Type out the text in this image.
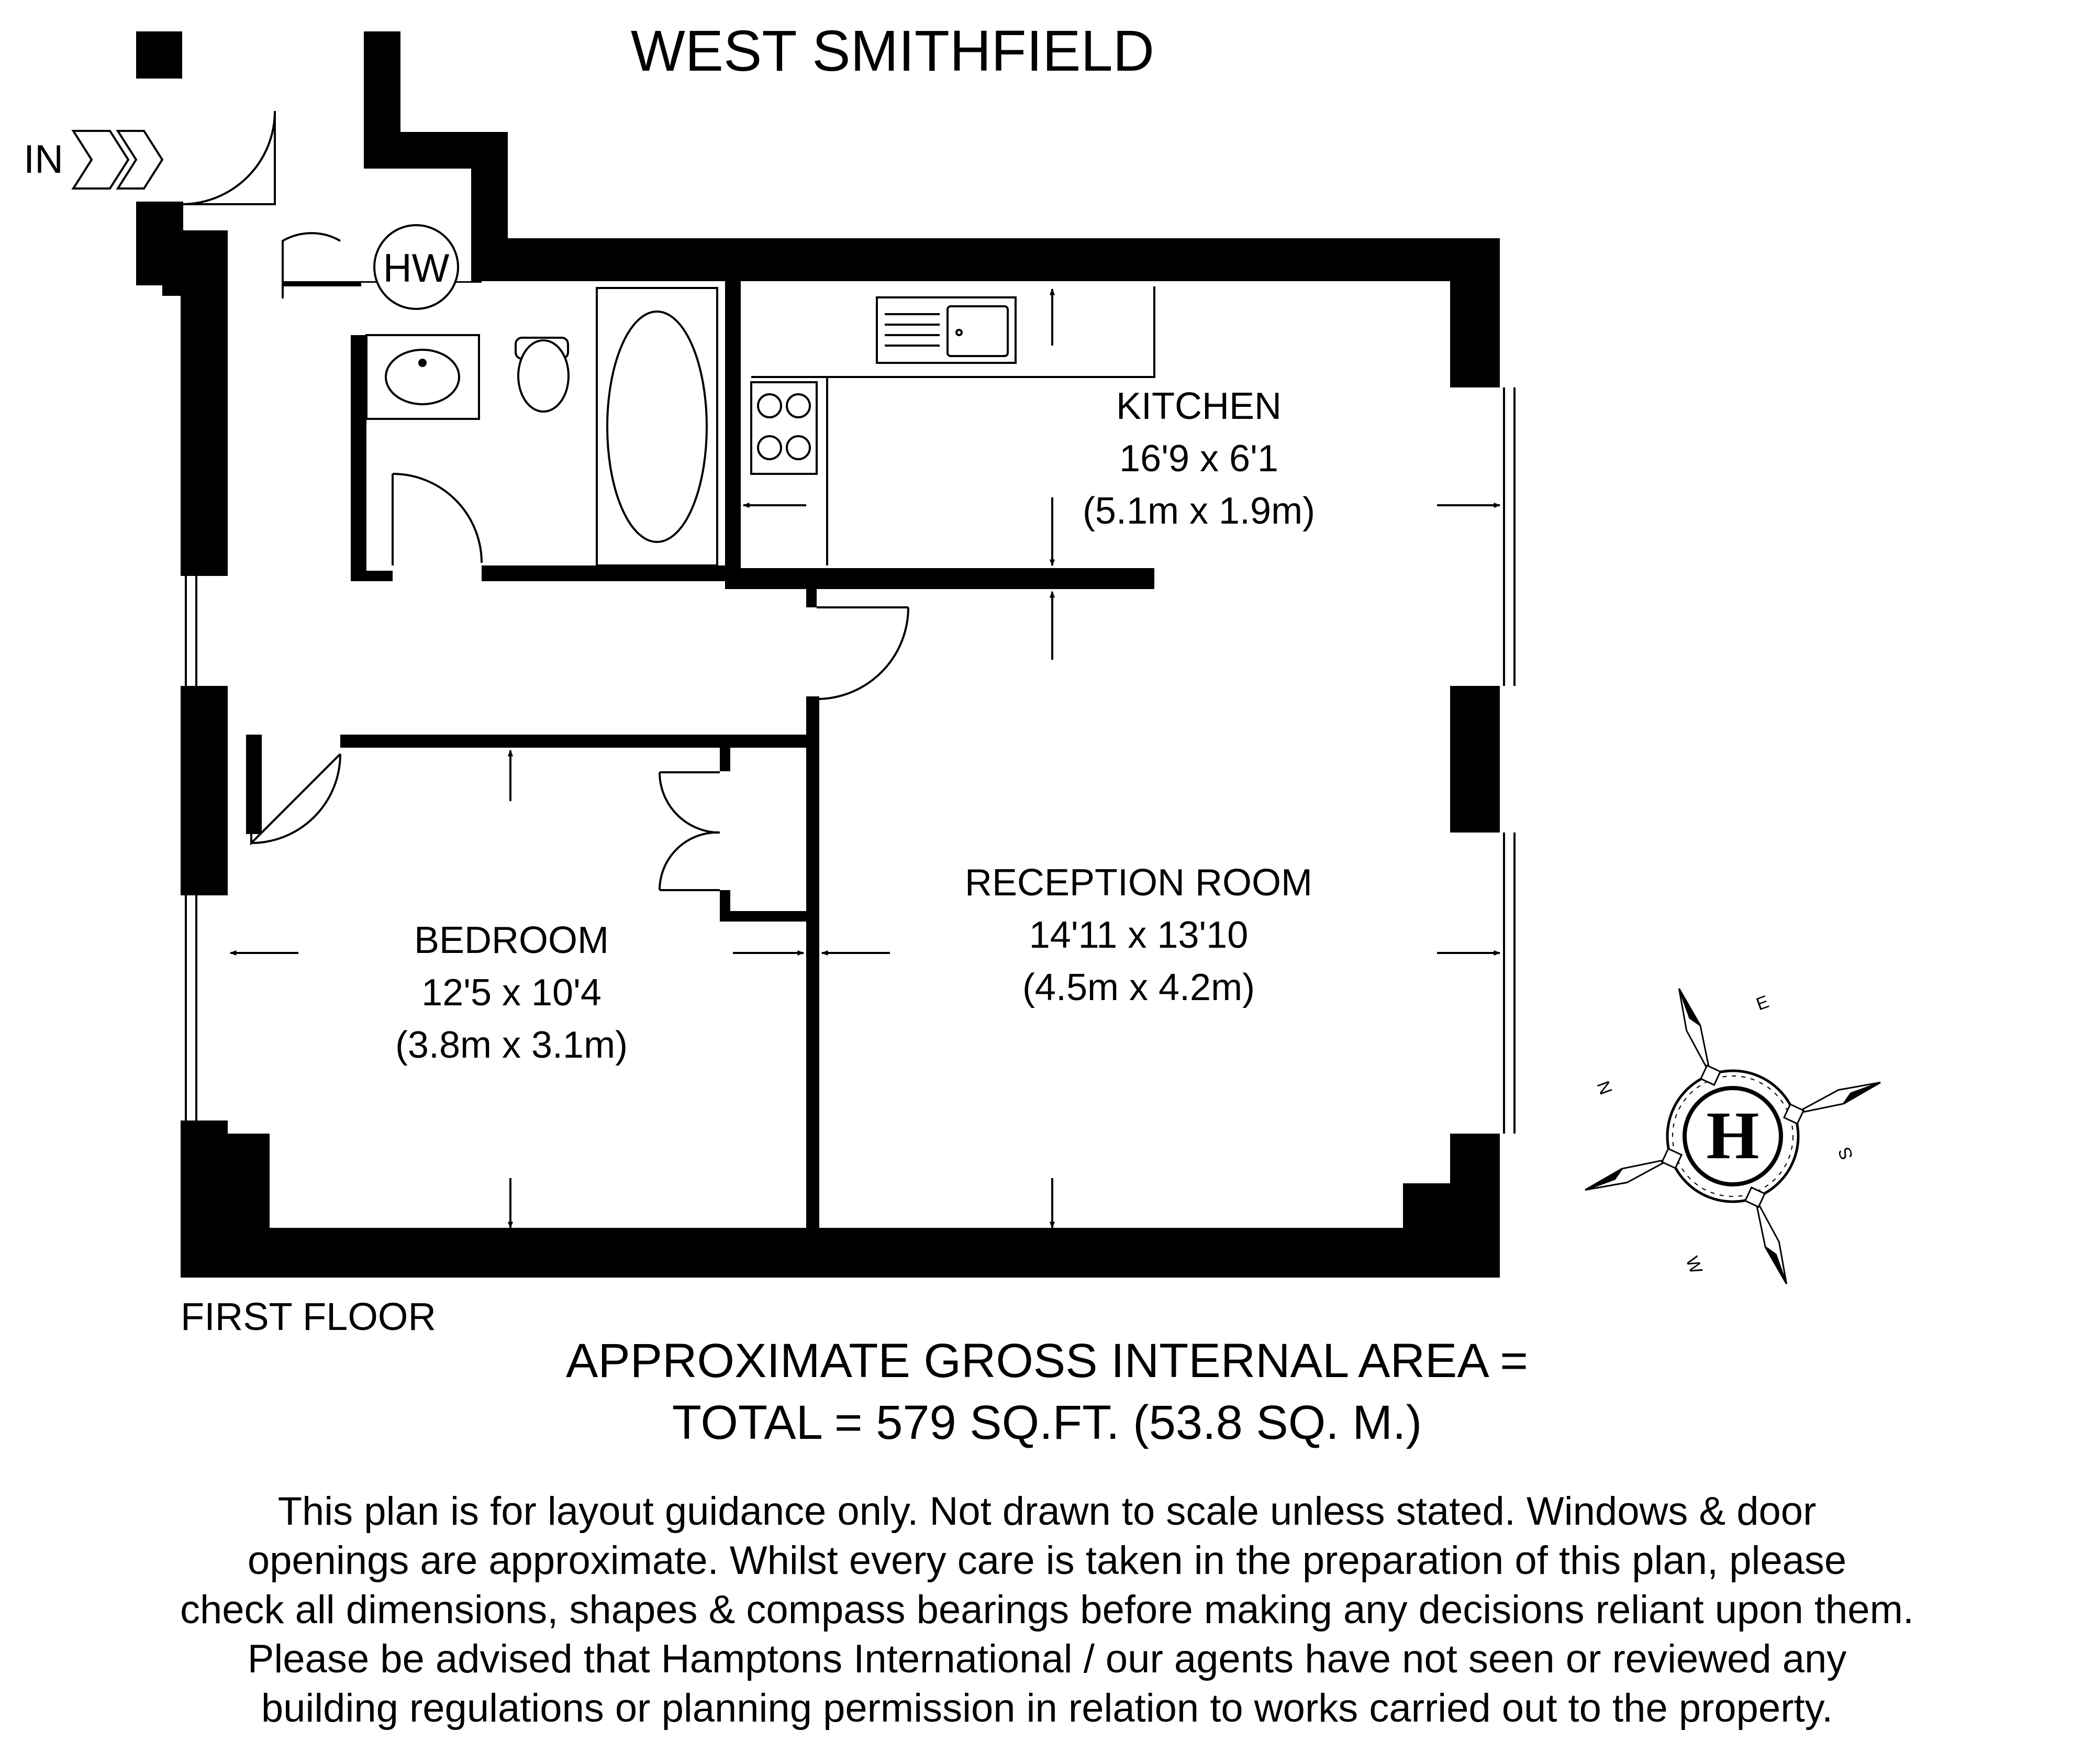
WEST SMITHFIELD
HW
IN
KITCHEN
16'9 x 6'1
(5.1m x 1.9m)
RECEPTION ROOM
14'11 x 13'10
(4.5m x 4.2m)
BEDROOM
12'5 x 10'4
(3.8m x 3.1m)
FIRST FLOOR
H
N
E
S
W
APPROXIMATE GROSS INTERNAL AREA =
TOTAL = 579 SQ.FT. (53.8 SQ. M.)
This plan is for layout guidance only. Not drawn to scale unless stated. Windows & door
openings are approximate. Whilst every care is taken in the preparation of this plan, please
check all dimensions, shapes & compass bearings before making any decisions reliant upon them.
Please be advised that Hamptons International / our agents have not seen or reviewed any
building regulations or planning permission in relation to works carried out to the property.
